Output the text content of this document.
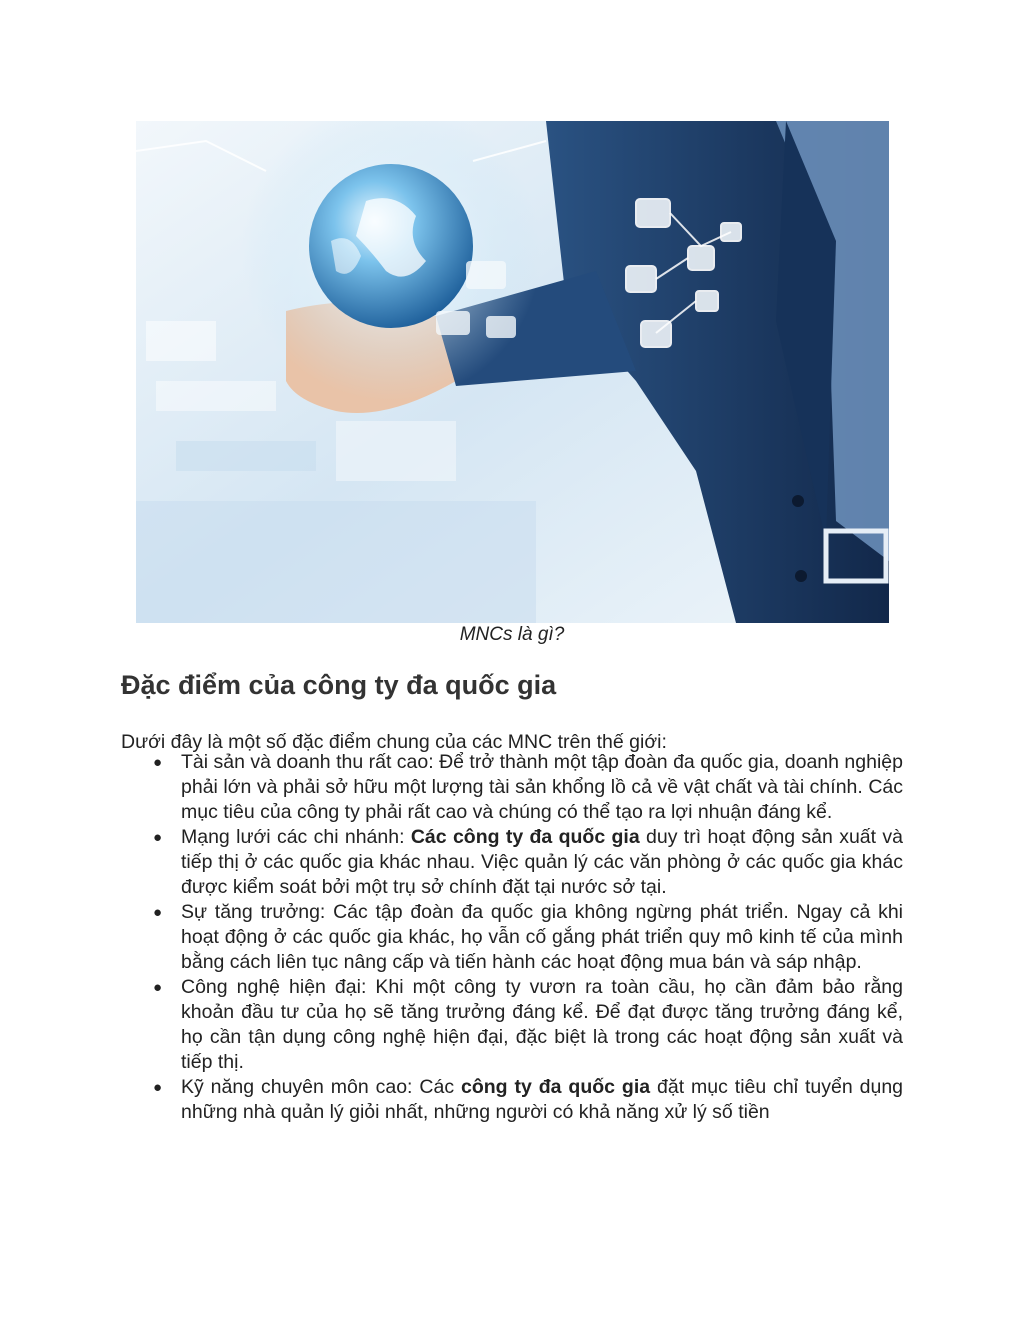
MNCs là gì?
Đặc điểm của công ty đa quốc gia

Dưới đây là một số đặc điểm chung của các MNC trên thế giới:

● Tài sản và doanh thu rất cao: Để trở thành một tập đoàn đa quốc gia, doanh nghiệp phải lớn và phải sở hữu một lượng tài sản khổng lồ cả về vật chất và tài chính. Các mục tiêu của công ty phải rất cao và chúng có thể tạo ra lợi nhuận đáng kể.
● Mạng lưới các chi nhánh: Các công ty đa quốc gia duy trì hoạt động sản xuất và tiếp thị ở các quốc gia khác nhau. Việc quản lý các văn phòng ở các quốc gia khác được kiểm soát bởi một trụ sở chính đặt tại nước sở tại.
● Sự tăng trưởng: Các tập đoàn đa quốc gia không ngừng phát triển. Ngay cả khi hoạt động ở các quốc gia khác, họ vẫn cố gắng phát triển quy mô kinh tế của mình bằng cách liên tục nâng cấp và tiến hành các hoạt động mua bán và sáp nhập.
● Công nghệ hiện đại: Khi một công ty vươn ra toàn cầu, họ cần đảm bảo rằng khoản đầu tư của họ sẽ tăng trưởng đáng kể. Để đạt được tăng trưởng đáng kể, họ cần tận dụng công nghệ hiện đại, đặc biệt là trong các hoạt động sản xuất và tiếp thị.
● Kỹ năng chuyên môn cao: Các công ty đa quốc gia đặt mục tiêu chỉ tuyển dụng những nhà quản lý giỏi nhất, những người có khả năng xử lý số tiền
